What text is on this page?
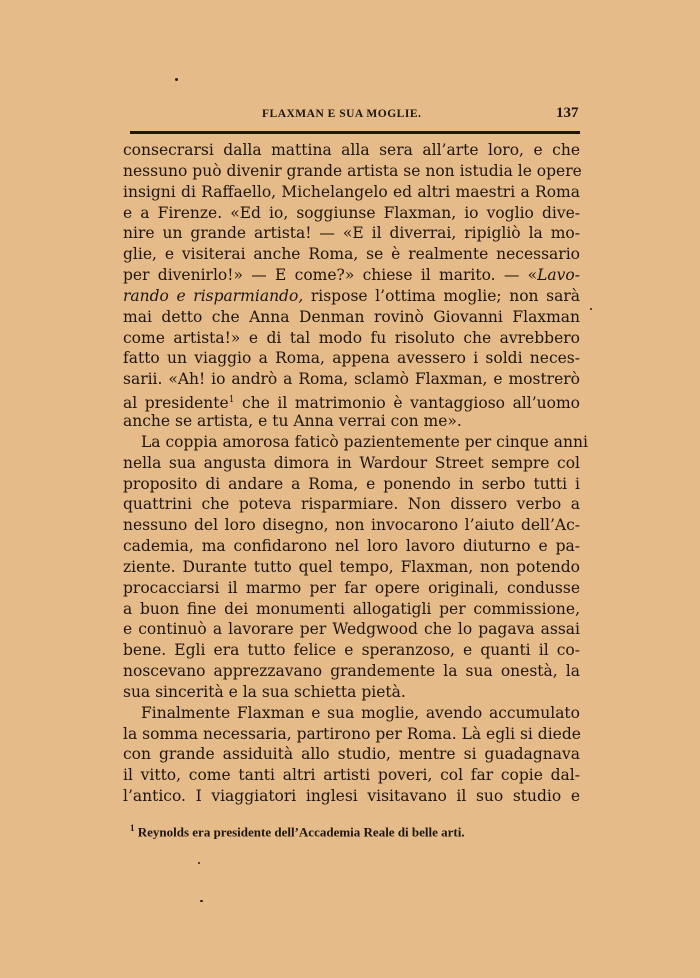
FLAXMAN E SUA MOGLIE.	137
consecrarsi dalla mattina alla sera all’arte loro, e che
nessuno può divenir grande artista se non istudia le opere
insigni di Raffaello, Michelangelo ed altri maestri a Roma
e a Firenze. «Ed io, soggiunse Flaxman, io voglio dive-
nire un grande artista! — «E il diverrai, ripigliò la mo-
glie, e visiterai anche Roma, se è realmente necessario
per divenirlo!» — E come?» chiese il marito. — «Lavo-
rando e risparmiando, rispose l’ottima moglie; non sarà
mai detto che Anna Denman rovinò Giovanni Flaxman
come artista!» e di tal modo fu risoluto che avrebbero
fatto un viaggio a Roma, appena avessero i soldi neces-
sarii. «Ah! io andrò a Roma, sclamò Flaxman, e mostrerò
al presidente$^1$ che il matrimonio è vantaggioso all’uomo
anche se artista, e tu Anna verrai con me».
La coppia amorosa faticò pazientemente per cinque anni
nella sua angusta dimora in Wardour Street sempre col
proposito di andare a Roma, e ponendo in serbo tutti i
quattrini che poteva risparmiare. Non dissero verbo a
nessuno del loro disegno, non invocarono l’aiuto dell’Ac-
cademia, ma confidarono nel loro lavoro diuturno e pa-
ziente. Durante tutto quel tempo, Flaxman, non potendo
procacciarsi il marmo per far opere originali, condusse
a buon fine dei monumenti allogatigli per commissione,
e continuò a lavorare per Wedgwood che lo pagava assai
bene. Egli era tutto felice e speranzoso, e quanti il co-
noscevano apprezzavano grandemente la sua onestà, la
sua sincerità e la sua schietta pietà.
Finalmente Flaxman e sua moglie, avendo accumulato
la somma necessaria, partirono per Roma. Là egli si diede
con grande assiduità allo studio, mentre si guadagnava
il vitto, come tanti altri artisti poveri, col far copie dal-
l’antico. I viaggiatori inglesi visitavano il suo studio e
$^1$ Reynolds era presidente dell’Accademia Reale di belle arti.
